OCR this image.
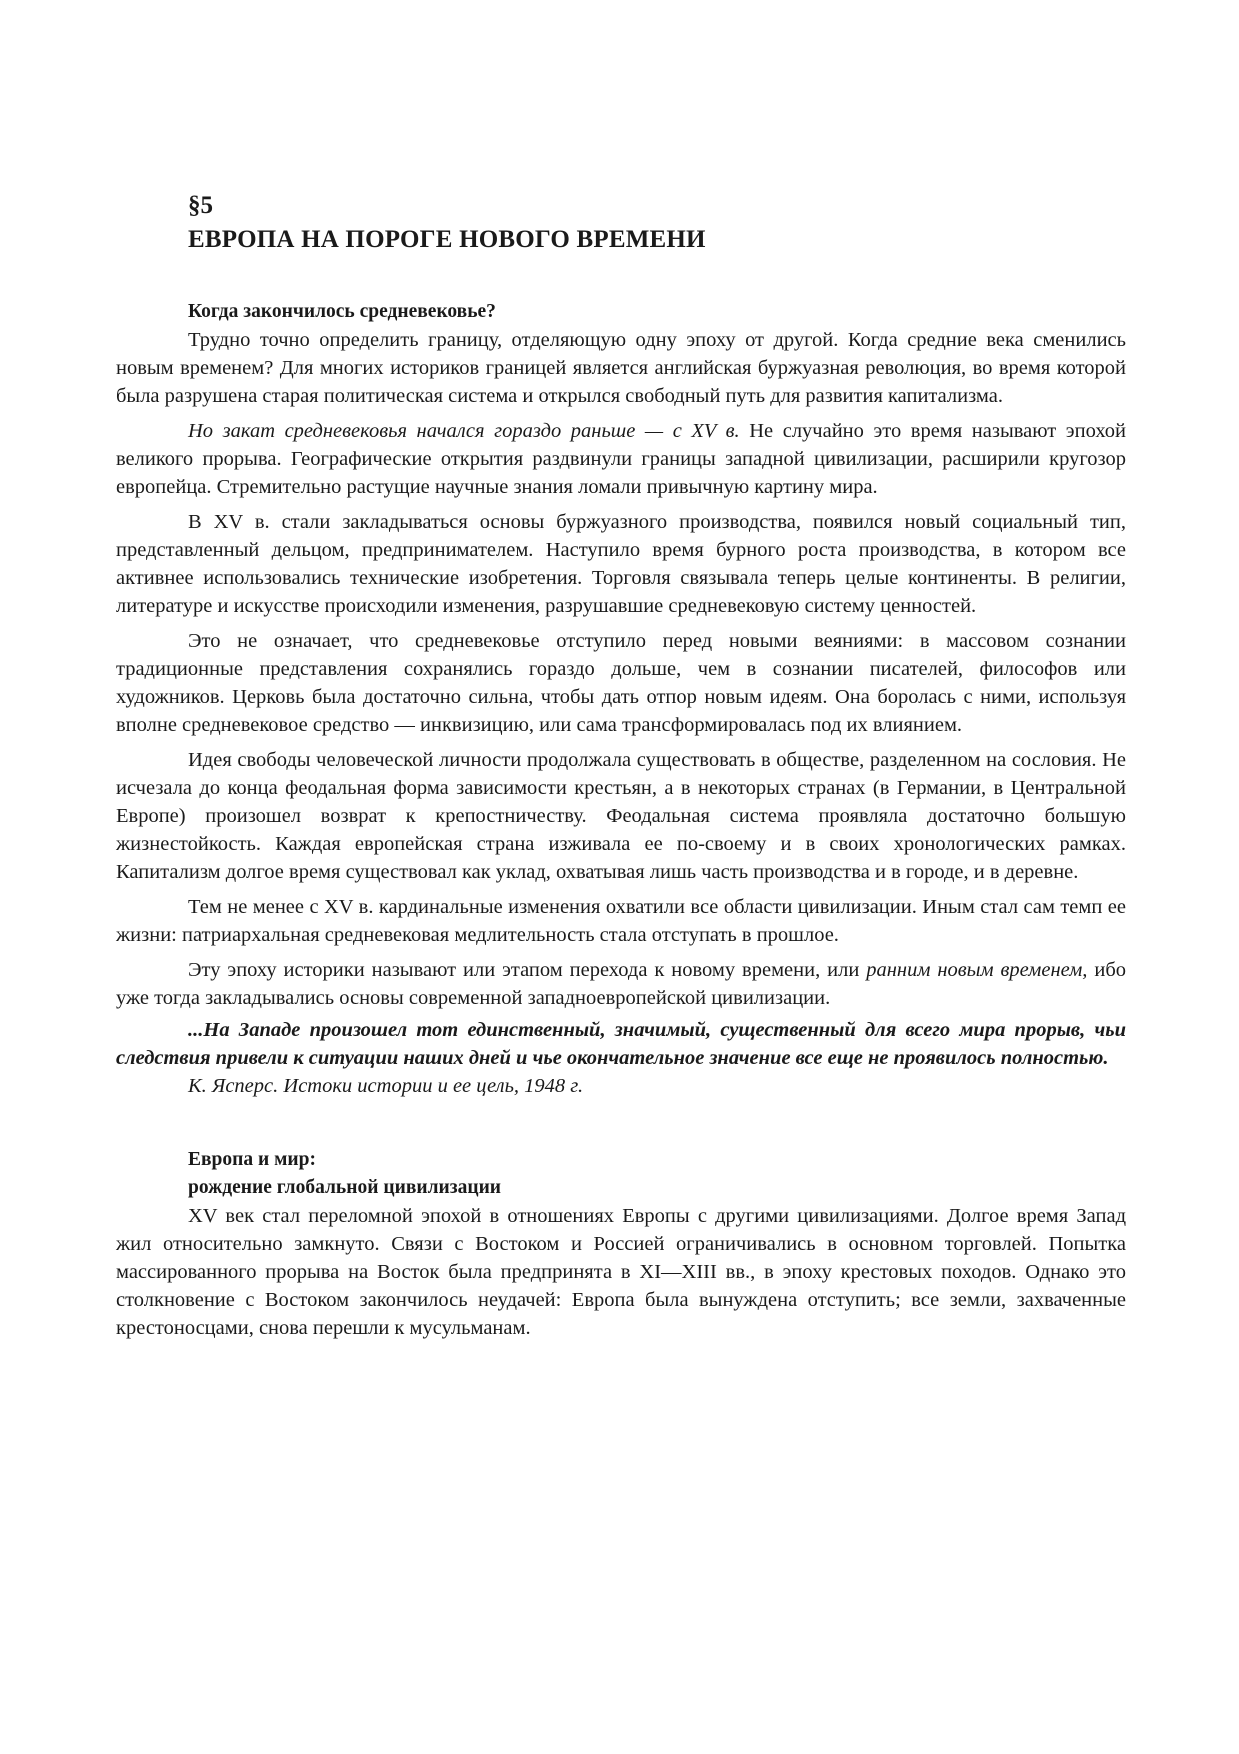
§5
ЕВРОПА НА ПОРОГЕ НОВОГО ВРЕМЕНИ
Когда закончилось средневековье?

Трудно точно определить границу, отделяющую одну эпоху от другой. Когда средние века сменились новым временем? Для многих историков границей является английская буржуазная революция, во время которой была разрушена старая политическая система и открылся свободный путь для развития капитализма.

Но закат средневековья начался гораздо раньше — с XV в. Не случайно это время называют эпохой великого прорыва. Географические открытия раздвинули границы западной цивилизации, расширили кругозор европейца. Стремительно растущие научные знания ломали привычную картину мира.

В XV в. стали закладываться основы буржуазного производства, появился новый социальный тип, представленный дельцом, предпринимателем. Наступило время бурного роста производства, в котором все активнее использовались технические изобретения. Торговля связывала теперь целые континенты. В религии, литературе и искусстве происходили изменения, разрушавшие средневековую систему ценностей.

Это не означает, что средневековье отступило перед новыми веяниями: в массовом сознании традиционные представления сохранялись гораздо дольше, чем в сознании писателей, философов или художников. Церковь была достаточно сильна, чтобы дать отпор новым идеям. Она боролась с ними, используя вполне средневековое средство — инквизицию, или сама трансформировалась под их влиянием.

Идея свободы человеческой личности продолжала существовать в обществе, разделенном на сословия. Не исчезала до конца феодальная форма зависимости крестьян, а в некоторых странах (в Германии, в Центральной Европе) произошел возврат к крепостничеству. Феодальная система проявляла достаточно большую жизнестойкость. Каждая европейская страна изживала ее по-своему и в своих хронологических рамках. Капитализм долгое время существовал как уклад, охватывая лишь часть производства и в городе, и в деревне.

Тем не менее с XV в. кардинальные изменения охватили все области цивилизации. Иным стал сам темп ее жизни: патриархальная средневековая медлительность стала отступать в прошлое.

Эту эпоху историки называют или этапом перехода к новому времени, или ранним новым временем, ибо уже тогда закладывались основы современной западноевропейской цивилизации.

...На Западе произошел тот единственный, значимый, существенный для всего мира прорыв, чьи следствия привели к ситуации наших дней и чье окончательное значение все еще не проявилось полностью.

К. Ясперс. Истоки истории и ее цель, 1948 г.
Европа и мир:
рождение глобальной цивилизации

XV век стал переломной эпохой в отношениях Европы с другими цивилизациями. Долгое время Запад жил относительно замкнуто. Связи с Востоком и Россией ограничивались в основном торговлей. Попытка массированного прорыва на Восток была предпринята в XI—XIII вв., в эпоху крестовых походов. Однако это столкновение с Востоком закончилось неудачей: Европа была вынуждена отступить; все земли, захваченные крестоносцами, снова перешли к мусульманам.
